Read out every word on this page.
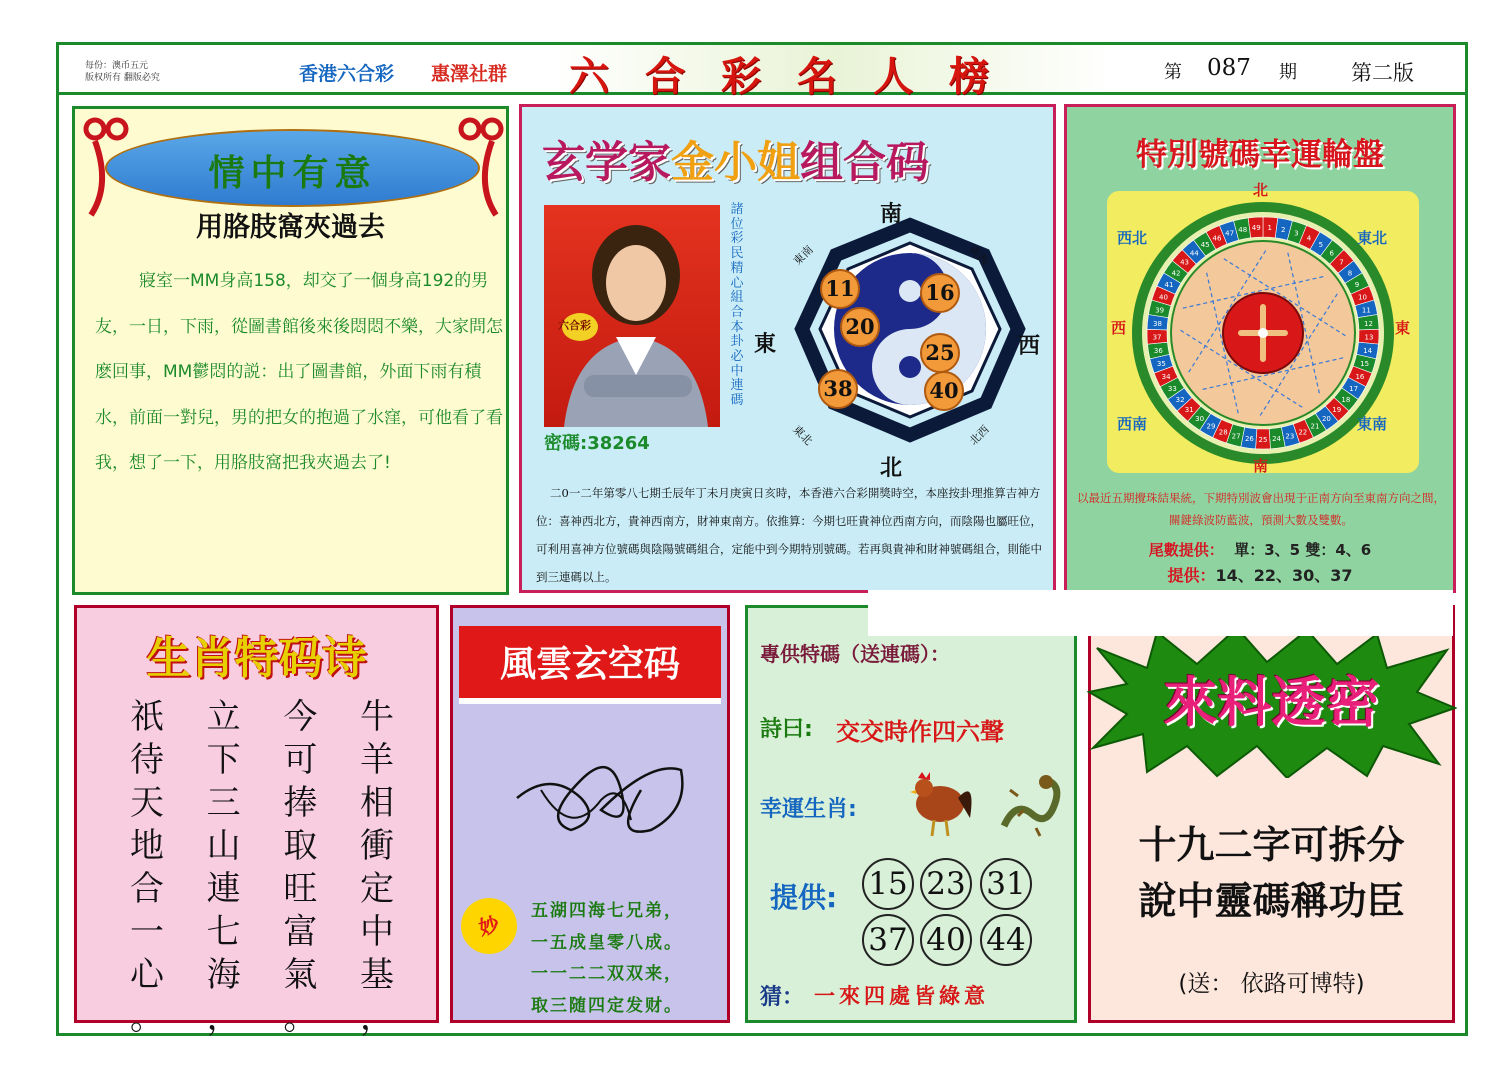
每份：澳币五元
版权所有 翻版必究	香港六合彩 惠澤社群 六合彩名人榜	第 087 期	第二版
情中有意
用胳肢窩夾過去
寢室一MM身高158，却交了一個身高192的男友，一日，下雨，從圖書館後來後悶悶不樂，大家問怎麽回事，MM鬱悶的説：出了圖書館，外面下雨有積水，前面一對兒，男的把女的抱過了水窪，可他看了看我，想了一下，用胳肢窩把我夾過去了!
玄学家金小姐组合码
六合彩
諸位彩民精心組合本卦必中連碼
密碼:38264
南
北
東	西
東南	南西
東北	北西
11	16
20
25
38	40
二0一二年第零八七期壬辰年丁未月庚寅日亥時，本香港六合彩開獎時空，本座按卦理推算吉神方位：喜神西北方，貴神西南方，財神東南方。依推算：今期乜旺貴神位西南方向，而陰陽也屬旺位，可利用喜神方位號碼與陰陽號碼組合，定能中到今期特別號碼。若再與貴神和財神號碼組合，則能中到三連碼以上。
特別號碼幸運輪盤
1 2 3
4
5
6
7
8
9
10
11
12
13
14
15
16
17
18
19
20
21
22
23
24
25
26
27
28
29
30
31
32
33
34
35
36
37
38
39
40
41
42
43
44
45
46
47 48 49
北
南
西	東
西北	東北
西南	東南
以最近五期攪珠結果統，下期特別波會出現于正南方向至東南方向之間，關鍵綠波防藍波，預測大數及雙數。
尾數提供： 單：3、5 雙：4、6
提供：14、22、30、37
生肖特码诗
祇
待
天
地
合
一
心
。
立
下
三
山
連
七
海
，
今
可
捧
取
旺
富
氣
。
牛
羊
相
衝
定
中
基
，
風雲玄空码
妙
五湖四海七兄弟，
一五成皇零八成。
一一二二双双来，
取三随四定发财。
專供特碼（送連碼）：
詩曰: 交交時作四六聲
幸運生肖:
提供: 15 23 31
37 40 44
猜： 一來四處皆綠意
來料透密
十九二字可拆分
說中靈碼稱功臣
(送： 依路可博特)
